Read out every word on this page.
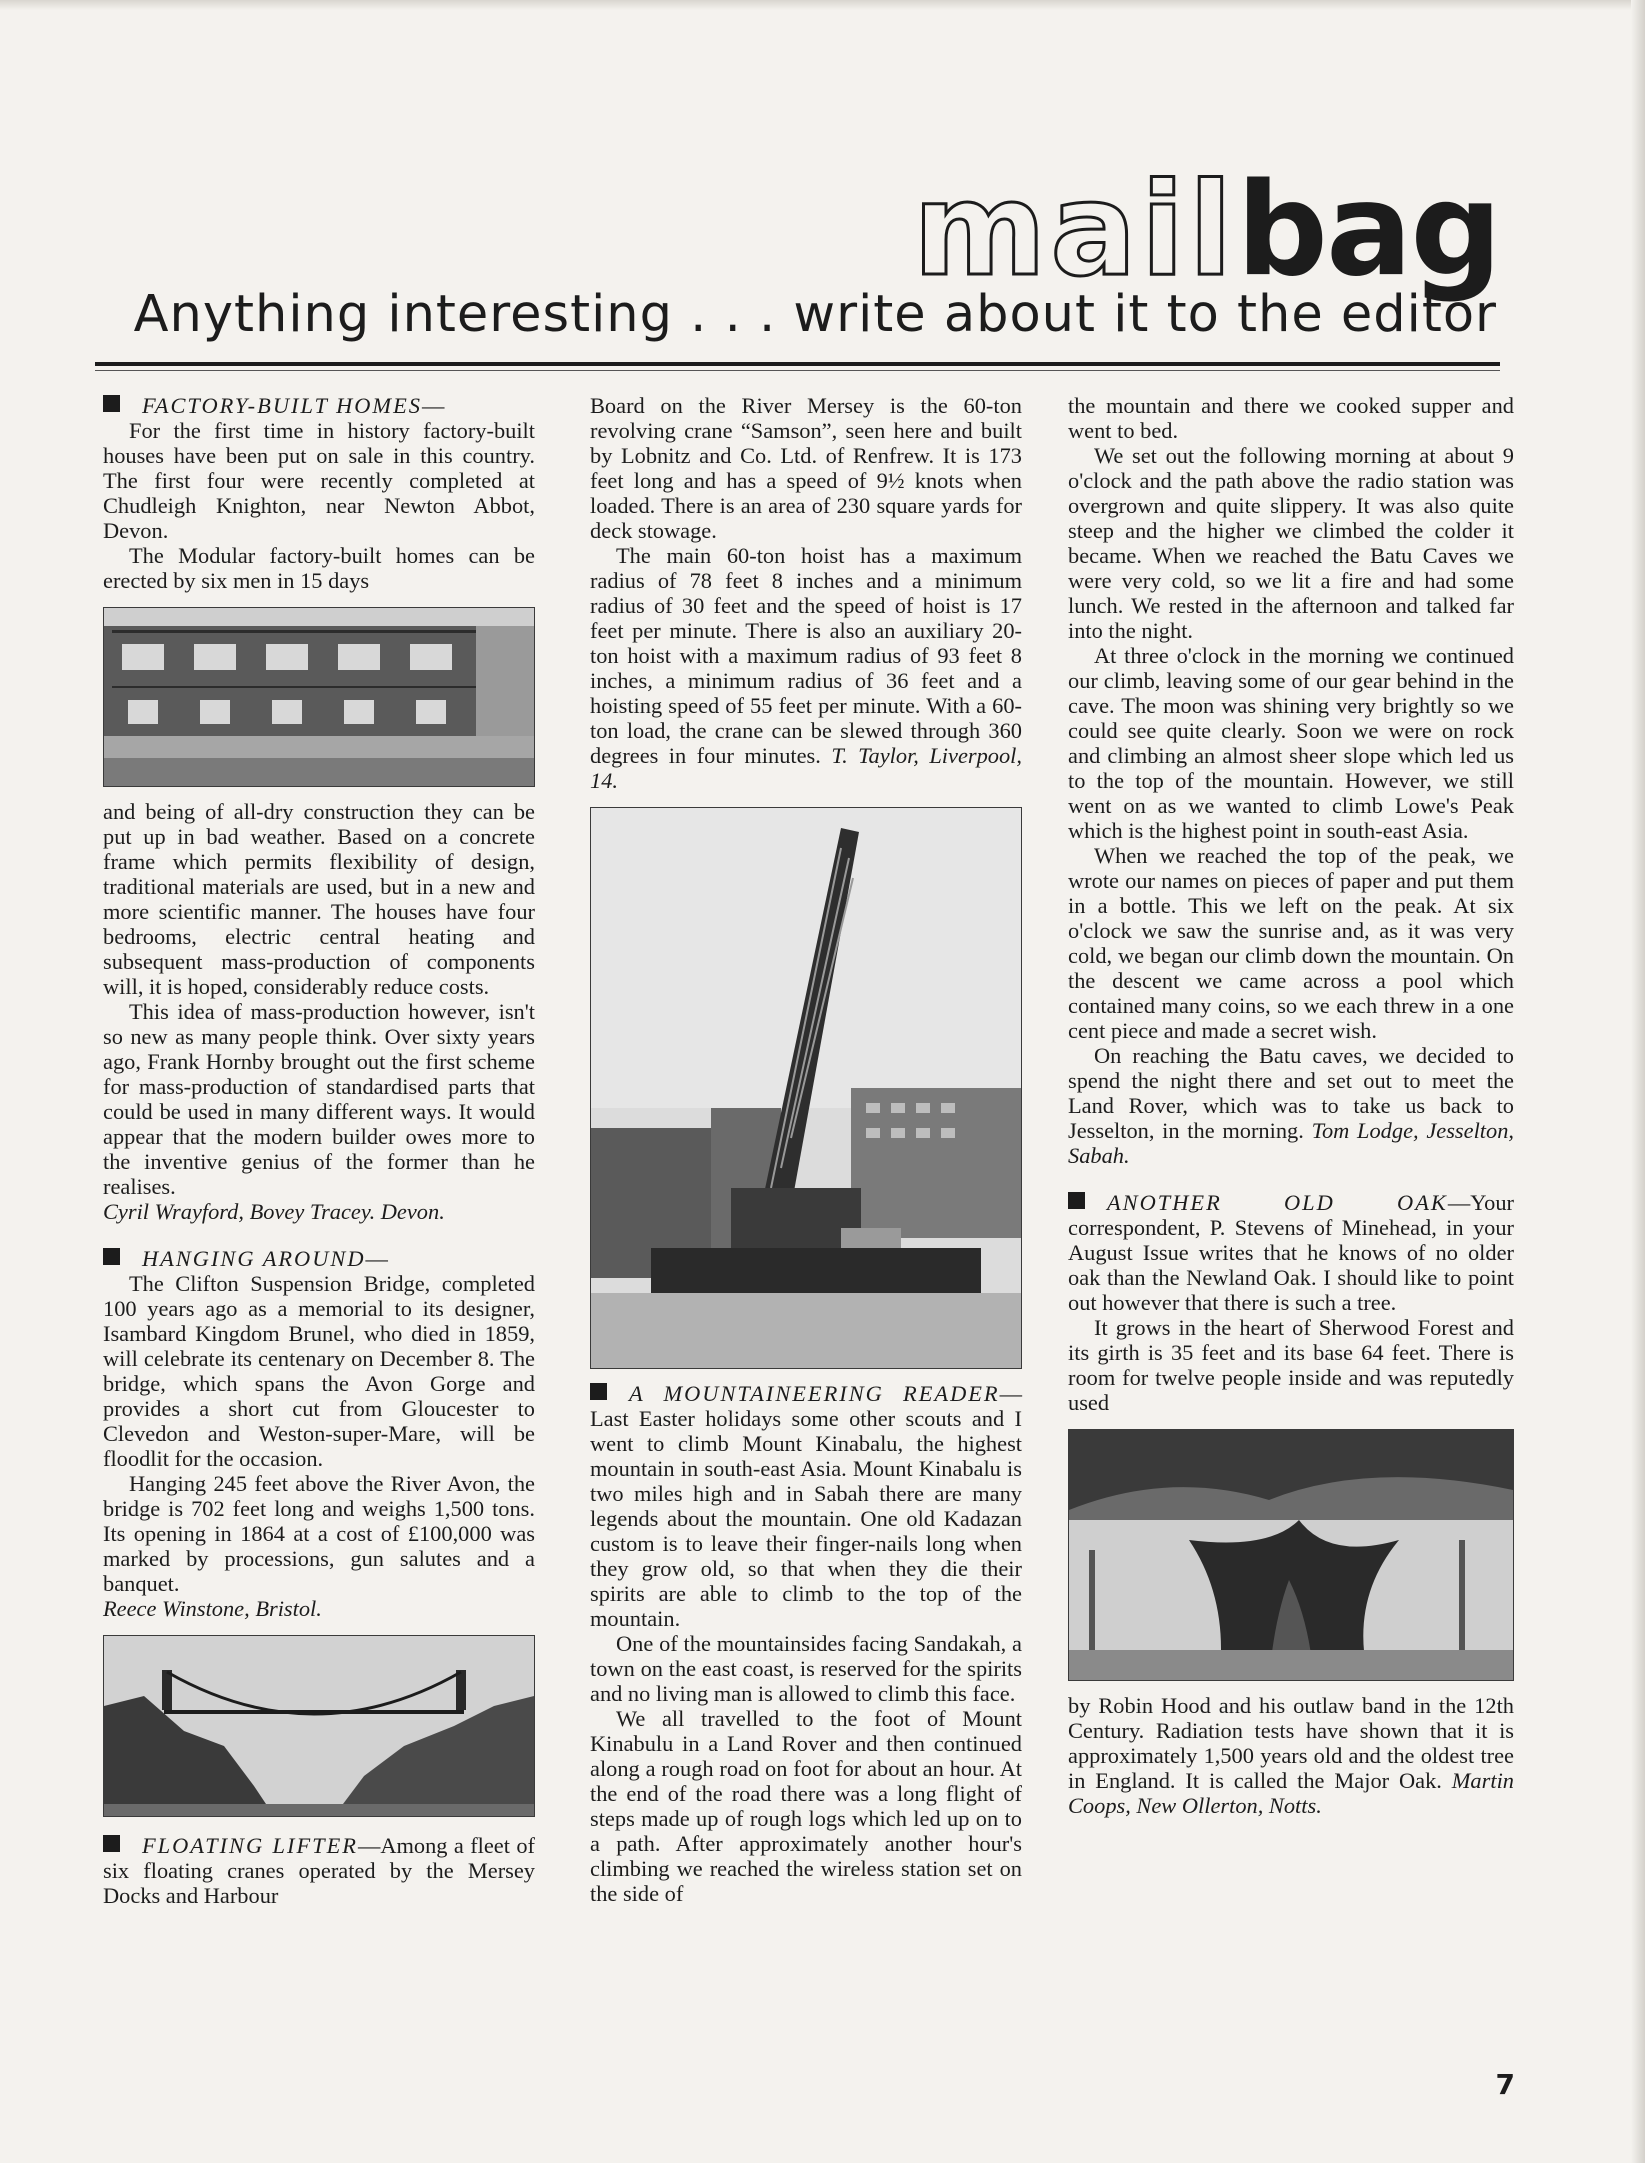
mail bag
Anything interesting . . . write about it to the editor

FACTORY-BUILT HOMES—

For the first time in history factory-built houses have been put on sale in this country. The first four were recently completed at Chudleigh Knighton, near Newton Abbot, Devon.

The Modular factory-built homes can be erected by six men in 15 days

and being of all-dry construction they can be put up in bad weather. Based on a concrete frame which permits flexibility of design, traditional materials are used, but in a new and more scientific manner. The houses have four bedrooms, electric central heating and subsequent mass-production of components will, it is hoped, considerably reduce costs.

This idea of mass-production however, isn't so new as many people think. Over sixty years ago, Frank Hornby brought out the first scheme for mass-production of standardised parts that could be used in many different ways. It would appear that the modern builder owes more to the inventive genius of the former than he realises.

Cyril Wrayford, Bovey Tracey. Devon.

HANGING AROUND—

The Clifton Suspension Bridge, completed 100 years ago as a memorial to its designer, Isambard Kingdom Brunel, who died in 1859, will celebrate its centenary on December 8. The bridge, which spans the Avon Gorge and provides a short cut from Gloucester to Clevedon and Weston-super-Mare, will be floodlit for the occasion.

Hanging 245 feet above the River Avon, the bridge is 702 feet long and weighs 1,500 tons. Its opening in 1864 at a cost of £100,000 was marked by processions, gun salutes and a banquet.

Reece Winstone, Bristol.

FLOATING LIFTER—Among a fleet of six floating cranes operated by the Mersey Docks and Harbour

Board on the River Mersey is the 60-ton revolving crane “Samson”, seen here and built by Lobnitz and Co. Ltd. of Renfrew. It is 173 feet long and has a speed of 9½ knots when loaded. There is an area of 230 square yards for deck stowage.

The main 60-ton hoist has a maximum radius of 78 feet 8 inches and a minimum radius of 30 feet and the speed of hoist is 17 feet per minute. There is also an auxiliary 20-ton hoist with a maximum radius of 93 feet 8 inches, a minimum radius of 36 feet and a hoisting speed of 55 feet per minute. With a 60-ton load, the crane can be slewed through 360 degrees in four minutes. T. Taylor, Liverpool, 14.

A MOUNTAINEERING READER—Last Easter holidays some other scouts and I went to climb Mount Kinabalu, the highest mountain in south-east Asia. Mount Kinabalu is two miles high and in Sabah there are many legends about the mountain. One old Kadazan custom is to leave their finger-nails long when they grow old, so that when they die their spirits are able to climb to the top of the mountain.

One of the mountainsides facing Sandakah, a town on the east coast, is reserved for the spirits and no living man is allowed to climb this face.

We all travelled to the foot of Mount Kinabulu in a Land Rover and then continued along a rough road on foot for about an hour. At the end of the road there was a long flight of steps made up of rough logs which led up on to a path. After approximately another hour's climbing we reached the wireless station set on the side of

the mountain and there we cooked supper and went to bed.

We set out the following morning at about 9 o'clock and the path above the radio station was overgrown and quite slippery. It was also quite steep and the higher we climbed the colder it became. When we reached the Batu Caves we were very cold, so we lit a fire and had some lunch. We rested in the afternoon and talked far into the night.

At three o'clock in the morning we continued our climb, leaving some of our gear behind in the cave. The moon was shining very brightly so we could see quite clearly. Soon we were on rock and climbing an almost sheer slope which led us to the top of the mountain. However, we still went on as we wanted to climb Lowe's Peak which is the highest point in south-east Asia.

When we reached the top of the peak, we wrote our names on pieces of paper and put them in a bottle. This we left on the peak. At six o'clock we saw the sunrise and, as it was very cold, we began our climb down the mountain. On the descent we came across a pool which contained many coins, so we each threw in a one cent piece and made a secret wish.

On reaching the Batu caves, we decided to spend the night there and set out to meet the Land Rover, which was to take us back to Jesselton, in the morning. Tom Lodge, Jesselton, Sabah.

ANOTHER OLD OAK—Your correspondent, P. Stevens of Minehead, in your August Issue writes that he knows of no older oak than the Newland Oak. I should like to point out however that there is such a tree.

It grows in the heart of Sherwood Forest and its girth is 35 feet and its base 64 feet. There is room for twelve people inside and was reputedly used

by Robin Hood and his outlaw band in the 12th Century. Radiation tests have shown that it is approximately 1,500 years old and the oldest tree in England. It is called the Major Oak. Martin Coops, New Ollerton, Notts.

7
